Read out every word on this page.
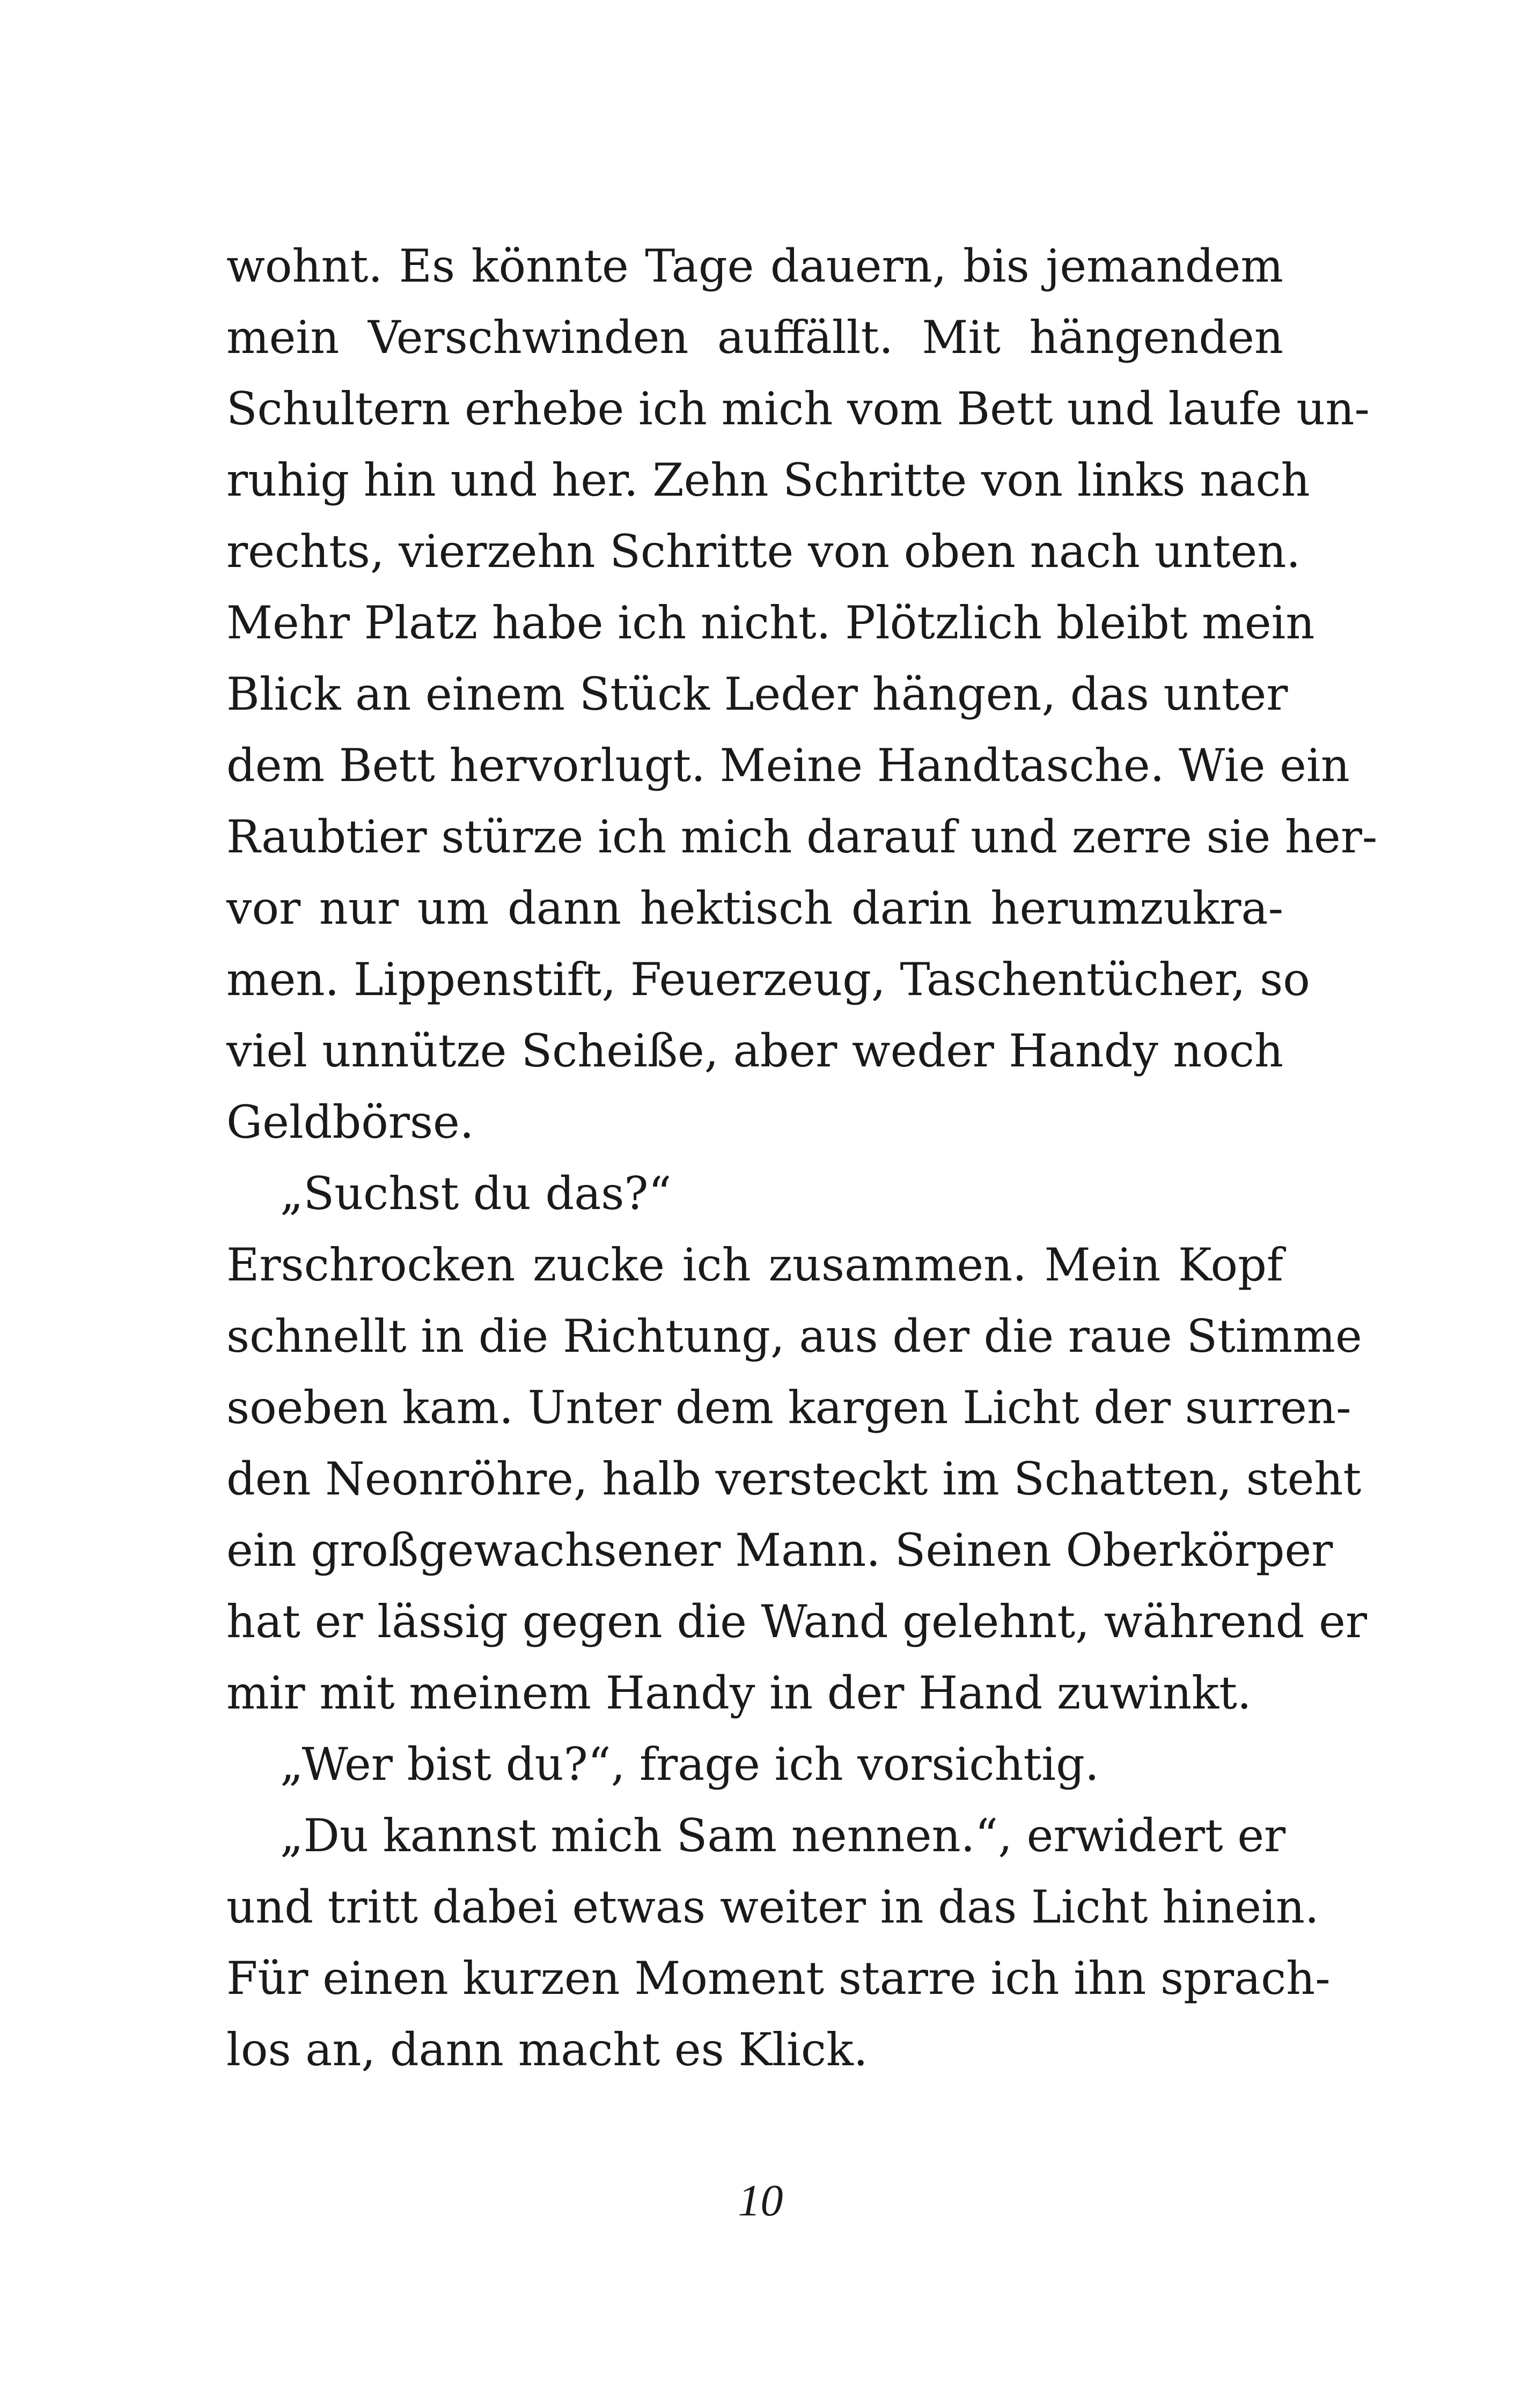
wohnt. Es könnte Tage dauern, bis jemandem
mein Verschwinden auffällt. Mit hängenden
Schultern erhebe ich mich vom Bett und laufe un-
ruhig hin und her. Zehn Schritte von links nach
rechts, vierzehn Schritte von oben nach unten.
Mehr Platz habe ich nicht. Plötzlich bleibt mein
Blick an einem Stück Leder hängen, das unter
dem Bett hervorlugt. Meine Handtasche. Wie ein
Raubtier stürze ich mich darauf und zerre sie her-
vor nur um dann hektisch darin herumzukra-
men. Lippenstift, Feuerzeug, Taschentücher, so
viel unnütze Scheiße, aber weder Handy noch
Geldbörse.
„Suchst du das?“
Erschrocken zucke ich zusammen. Mein Kopf
schnellt in die Richtung, aus der die raue Stimme
soeben kam. Unter dem kargen Licht der surren-
den Neonröhre, halb versteckt im Schatten, steht
ein großgewachsener Mann. Seinen Oberkörper
hat er lässig gegen die Wand gelehnt, während er
mir mit meinem Handy in der Hand zuwinkt.
„Wer bist du?“, frage ich vorsichtig.
„Du kannst mich Sam nennen.“, erwidert er
und tritt dabei etwas weiter in das Licht hinein.
Für einen kurzen Moment starre ich ihn sprach-
los an, dann macht es Klick.
10
